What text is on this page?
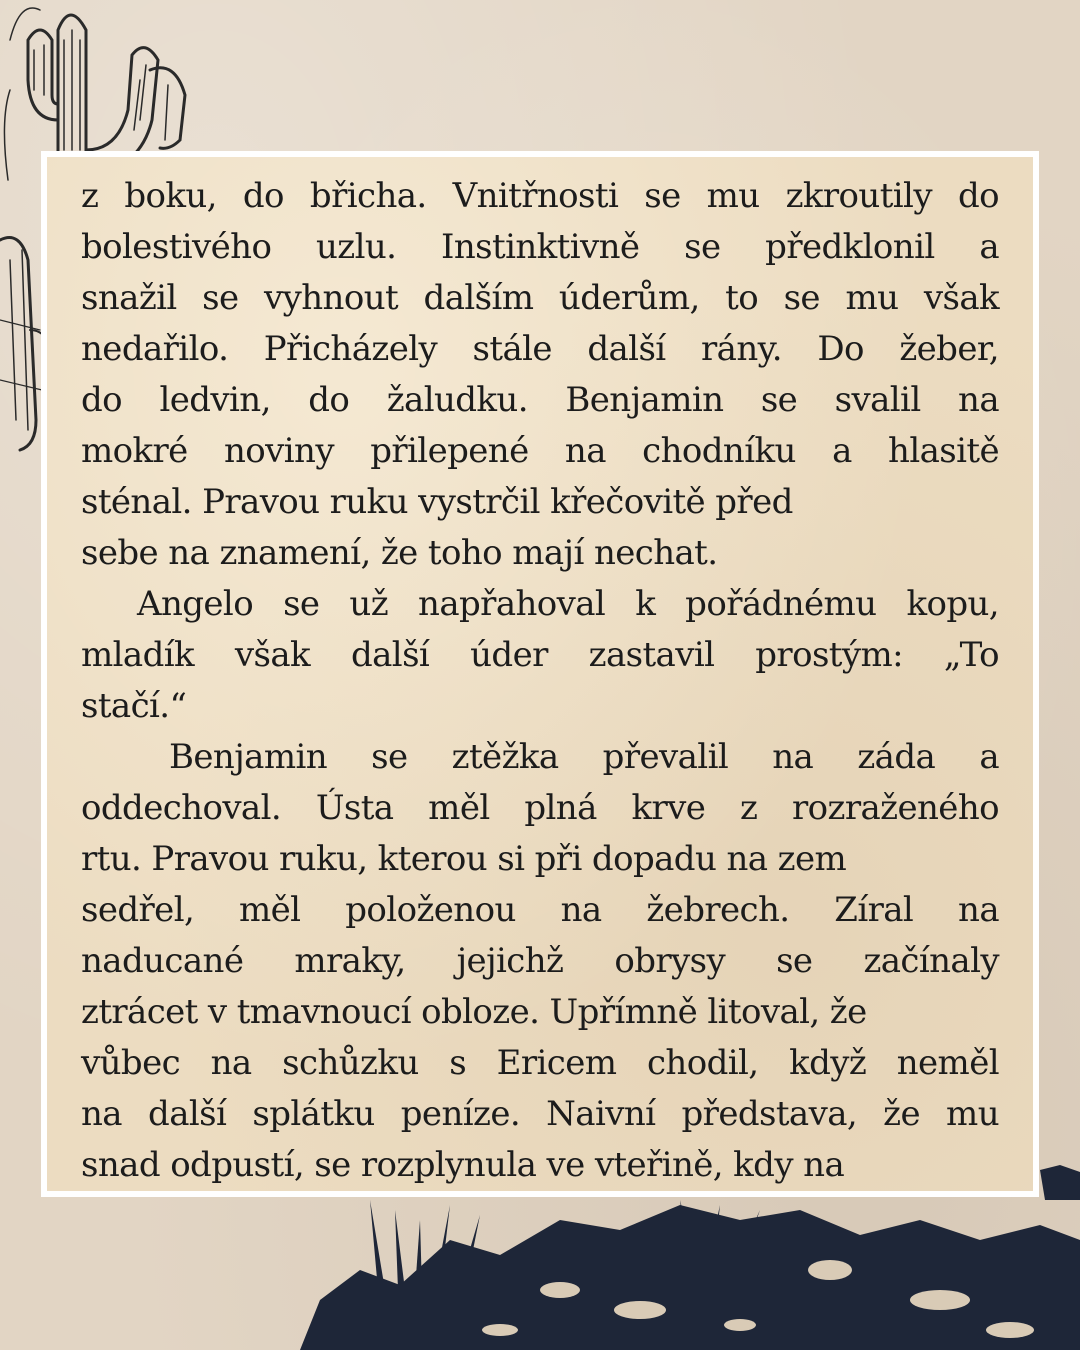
z boku, do břicha. Vnitřnosti se mu zkroutily do
bolestivého uzlu. Instinktivně se předklonil a
snažil se vyhnout dalším úderům, to se mu však
nedařilo. Přicházely stále další rány. Do žeber,
do ledvin, do žaludku. Benjamin se svalil na
mokré noviny přilepené na chodníku a hlasitě
sténal. Pravou ruku vystrčil křečovitě před
sebe na znamení, že toho mají nechat.
Angelo se už napřahoval k pořádnému kopu,
mladík však další úder zastavil prostým: „To
stačí.“
Benjamin se ztěžka převalil na záda a
oddechoval. Ústa měl plná krve z rozraženého
rtu. Pravou ruku, kterou si při dopadu na zem
sedřel, měl položenou na žebrech. Zíral na
naducané mraky, jejichž obrysy se začínaly
ztrácet v tmavnoucí obloze. Upřímně litoval, že
vůbec na schůzku s Ericem chodil, když neměl
na další splátku peníze. Naivní představa, že mu
snad odpustí, se rozplynula ve vteřině, kdy na
